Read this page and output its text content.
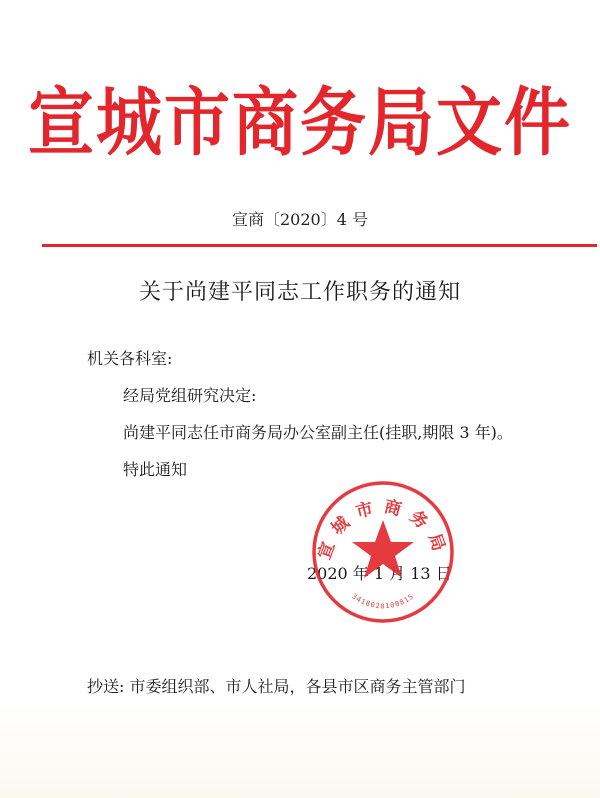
宣城市商务局文件
宣商〔2020〕4 号
关于尚建平同志工作职务的通知
机关各科室:
经局党组研究决定:
尚建平同志任市商务局办公室副主任(挂职,期限 3 年)。
特此通知
2020 年 1 月 13 日
宣城市商务局
3418020100815
抄送: 市委组织部、市人社局，各县市区商务主管部门
